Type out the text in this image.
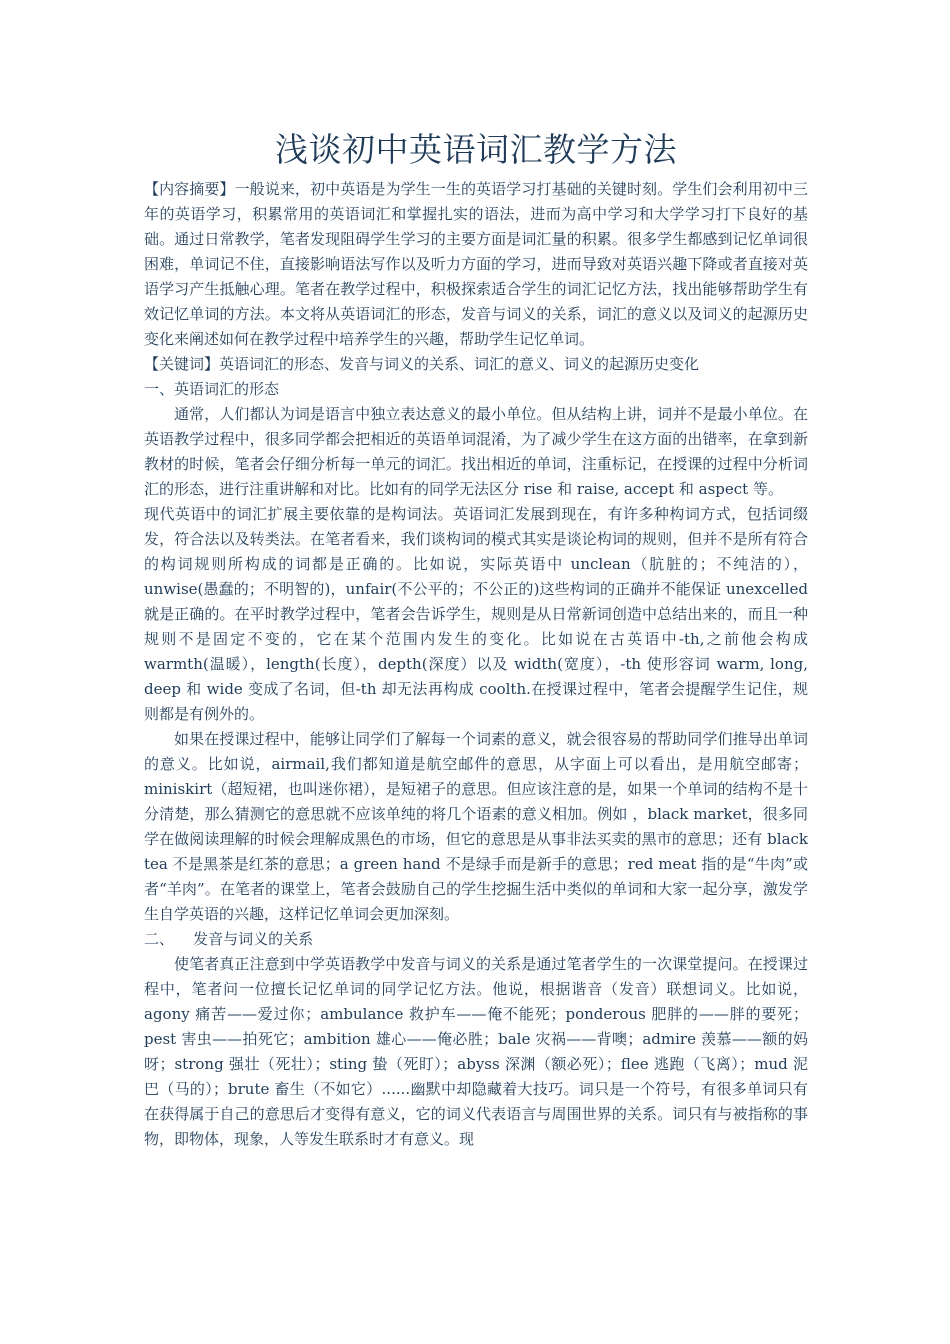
浅谈初中英语词汇教学方法

【内容摘要】一般说来，初中英语是为学生一生的英语学习打基础的关键时刻。学生们会利用初中三年的英语学习，积累常用的英语词汇和掌握扎实的语法，进而为高中学习和大学学习打下良好的基础。通过日常教学，笔者发现阻碍学生学习的主要方面是词汇量的积累。很多学生都感到记忆单词很困难，单词记不住，直接影响语法写作以及听力方面的学习，进而导致对英语兴趣下降或者直接对英语学习产生抵触心理。笔者在教学过程中，积极探索适合学生的词汇记忆方法，找出能够帮助学生有效记忆单词的方法。本文将从英语词汇的形态，发音与词义的关系，词汇的意义以及词义的起源历史变化来阐述如何在教学过程中培养学生的兴趣，帮助学生记忆单词。

【关键词】英语词汇的形态、发音与词义的关系、词汇的意义、词义的起源历史变化

一、英语词汇的形态

通常，人们都认为词是语言中独立表达意义的最小单位。但从结构上讲，词并不是最小单位。在英语教学过程中，很多同学都会把相近的英语单词混淆，为了减少学生在这方面的出错率，在拿到新教材的时候，笔者会仔细分析每一单元的词汇。找出相近的单词，注重标记，在授课的过程中分析词汇的形态，进行注重讲解和对比。比如有的同学无法区分 rise 和 raise, accept 和 aspect 等。

现代英语中的词汇扩展主要依靠的是构词法。英语词汇发展到现在，有许多种构词方式，包括词缀发，符合法以及转类法。在笔者看来，我们谈构词的模式其实是谈论构词的规则，但并不是所有符合的构词规则所构成的词都是正确的。比如说，实际英语中 unclean（肮脏的；不纯洁的），unwise(愚蠢的；不明智的)，unfair(不公平的；不公正的)这些构词的正确并不能保证 unexcelled 就是正确的。在平时教学过程中，笔者会告诉学生，规则是从日常新词创造中总结出来的，而且一种规则不是固定不变的，它在某个范围内发生的变化。比如说在古英语中-th,之前他会构成 warmth(温暖），length(长度），depth(深度）以及 width(宽度），-th 使形容词 warm, long, deep 和 wide 变成了名词，但-th 却无法再构成 coolth.在授课过程中，笔者会提醒学生记住，规则都是有例外的。

如果在授课过程中，能够让同学们了解每一个词素的意义，就会很容易的帮助同学们推导出单词的意义。比如说，airmail,我们都知道是航空邮件的意思，从字面上可以看出，是用航空邮寄；miniskirt（超短裙，也叫迷你裙），是短裙子的意思。但应该注意的是，如果一个单词的结构不是十分清楚，那么猜测它的意思就不应该单纯的将几个语素的意义相加。例如 ，black market，很多同学在做阅读理解的时候会理解成黑色的市场，但它的意思是从事非法买卖的黑市的意思；还有 black tea 不是黑茶是红茶的意思；a green hand 不是绿手而是新手的意思；red meat 指的是“牛肉”或者“羊肉”。在笔者的课堂上，笔者会鼓励自己的学生挖掘生活中类似的单词和大家一起分享，激发学生自学英语的兴趣，这样记忆单词会更加深刻。

二、    发音与词义的关系

使笔者真正注意到中学英语教学中发音与词义的关系是通过笔者学生的一次课堂提问。在授课过程中，笔者问一位擅长记忆单词的同学记忆方法。他说，根据谐音（发音）联想词义。比如说，agony 痛苦——爱过你；ambulance 救护车——俺不能死；ponderous 肥胖的——胖的要死；pest 害虫——拍死它；ambition 雄心——俺必胜；bale 灾祸——背噢；admire 羡慕——额的妈呀；strong 强壮（死壮）；sting 蛰（死盯）；abyss 深渊（额必死）；flee 逃跑（飞离）；mud 泥巴（马的）；brute 畜生（不如它）......幽默中却隐藏着大技巧。词只是一个符号，有很多单词只有在获得属于自己的意思后才变得有意义，它的词义代表语言与周围世界的关系。词只有与被指称的事物，即物体，现象，人等发生联系时才有意义。现
